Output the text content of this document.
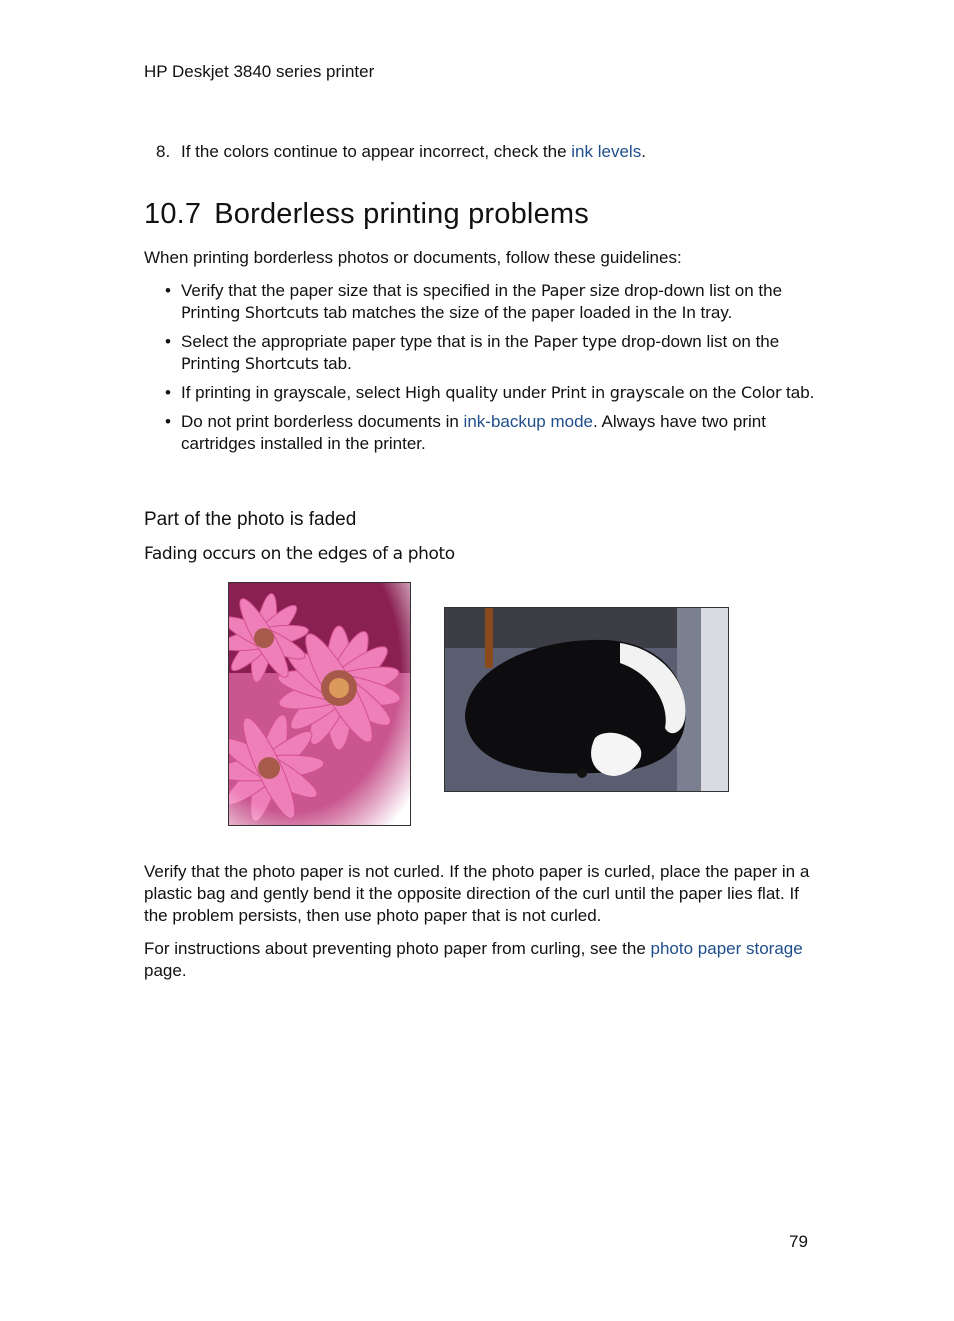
HP Deskjet 3840 series printer
8. If the colors continue to appear incorrect, check the ink levels.
10.7 Borderless printing problems

When printing borderless photos or documents, follow these guidelines:

• Verify that the paper size that is specified in the Paper size drop-down list on the Printing Shortcuts tab matches the size of the paper loaded in the In tray.
• Select the appropriate paper type that is in the Paper type drop-down list on the Printing Shortcuts tab.
• If printing in grayscale, select High quality under Print in grayscale on the Color tab.
• Do not print borderless documents in ink-backup mode. Always have two print cartridges installed in the printer.
Part of the photo is faded
Fading occurs on the edges of a photo

Verify that the photo paper is not curled. If the photo paper is curled, place the paper in a plastic bag and gently bend it the opposite direction of the curl until the paper lies flat. If the problem persists, then use photo paper that is not curled.

For instructions about preventing photo paper from curling, see the photo paper storage page.

79
